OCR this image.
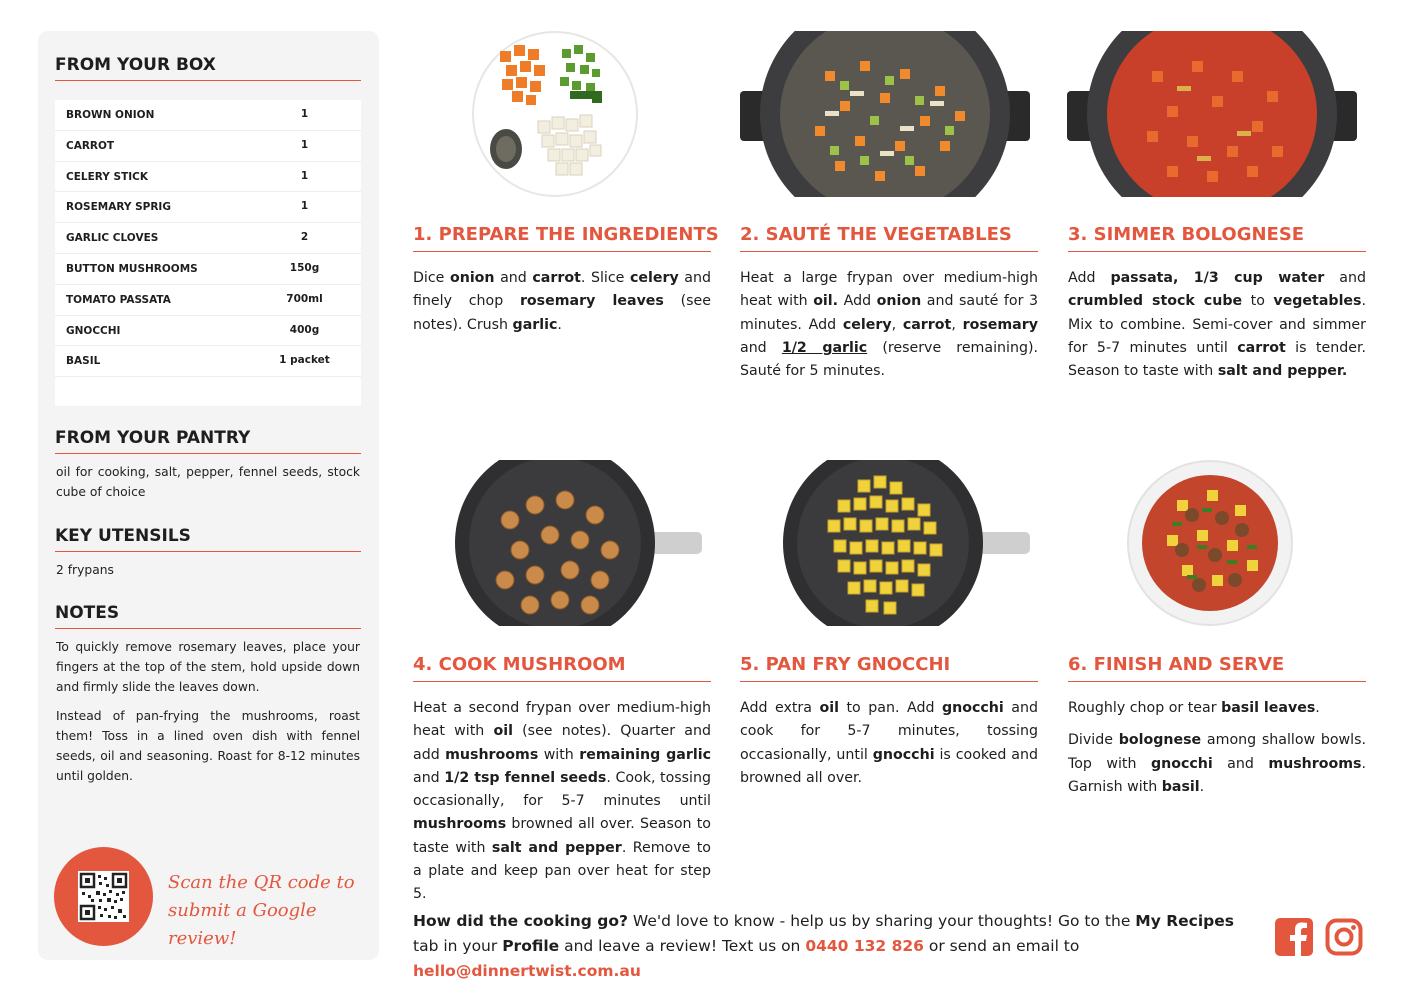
FROM YOUR BOX
BROWN ONION	1
CARROT	1
CELERY STICK	1
ROSEMARY SPRIG	1
GARLIC CLOVES	2
BUTTON MUSHROOMS	150g
TOMATO PASSATA	700ml
GNOCCHI	400g
BASIL	1 packet
FROM YOUR PANTRY
oil for cooking, salt, pepper, fennel seeds, stock cube of choice
KEY UTENSILS
2 frypans
NOTES
To quickly remove rosemary leaves, place your fingers at the top of the stem, hold upside down and firmly slide the leaves down.
Instead of pan-frying the mushrooms, roast them! Toss in a lined oven dish with fennel seeds, oil and seasoning. Roast for 8-12 minutes until golden.
Scan the QR code to
submit a Google review!
1. PREPARE THE INGREDIENTS

Dice onion and carrot. Slice celery and finely chop rosemary leaves (see notes). Crush garlic.

2. SAUTÉ THE VEGETABLES

Heat a large frypan over medium-high heat with oil. Add onion and sauté for 3 minutes. Add celery, carrot, rosemary and 1/2 garlic (reserve remaining). Sauté for 5 minutes.

3. SIMMER BOLOGNESE

Add passata, 1/3 cup water and crumbled stock cube to vegetables. Mix to combine. Semi-cover and simmer for 5-7 minutes until carrot is tender. Season to taste with salt and pepper.

4. COOK MUSHROOM

Heat a second frypan over medium-high heat with oil (see notes). Quarter and add mushrooms with remaining garlic and 1/2 tsp fennel seeds. Cook, tossing occasionally, for 5-7 minutes until mushrooms browned all over. Season to taste with salt and pepper. Remove to a plate and keep pan over heat for step 5.

5. PAN FRY GNOCCHI

Add extra oil to pan. Add gnocchi and cook for 5-7 minutes, tossing occasionally, until gnocchi is cooked and browned all over.

6. FINISH AND SERVE

Roughly chop or tear basil leaves.

Divide bolognese among shallow bowls. Top with gnocchi and mushrooms. Garnish with basil.

How did the cooking go? We'd love to know - help us by sharing your thoughts! Go to the My Recipes tab in your Profile and leave a review! Text us on 0440 132 826 or send an email to hello@dinnertwist.com.au
